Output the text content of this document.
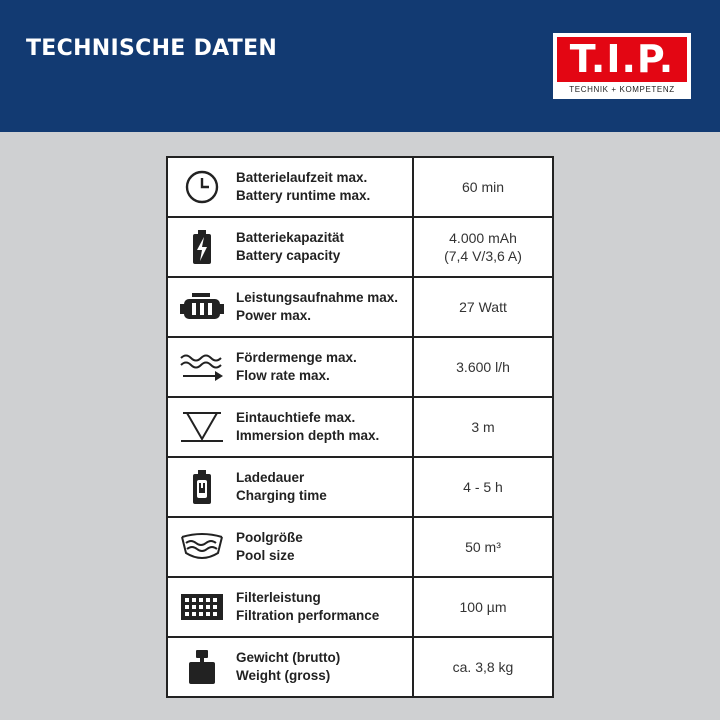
TECHNISCHE DATEN	T.I.P.
TECHNIK + KOMPETENZ
Batterielaufzeit max.
Battery runtime max.	60 min

Batteriekapazität
Battery capacity	4.000 mAh
(7,4 V/3,6 A)

Leistungsaufnahme max.
Power max.	27 Watt

Fördermenge max.
Flow rate max.	3.600 l/h

Eintauchtiefe max.
Immersion depth max.	3 m

Ladedauer
Charging time	4 - 5 h

Poolgröße
Pool size	50 m³

Filterleistung
Filtration performance	100 µm

Gewicht (brutto)
Weight (gross)	ca. 3,8 kg
